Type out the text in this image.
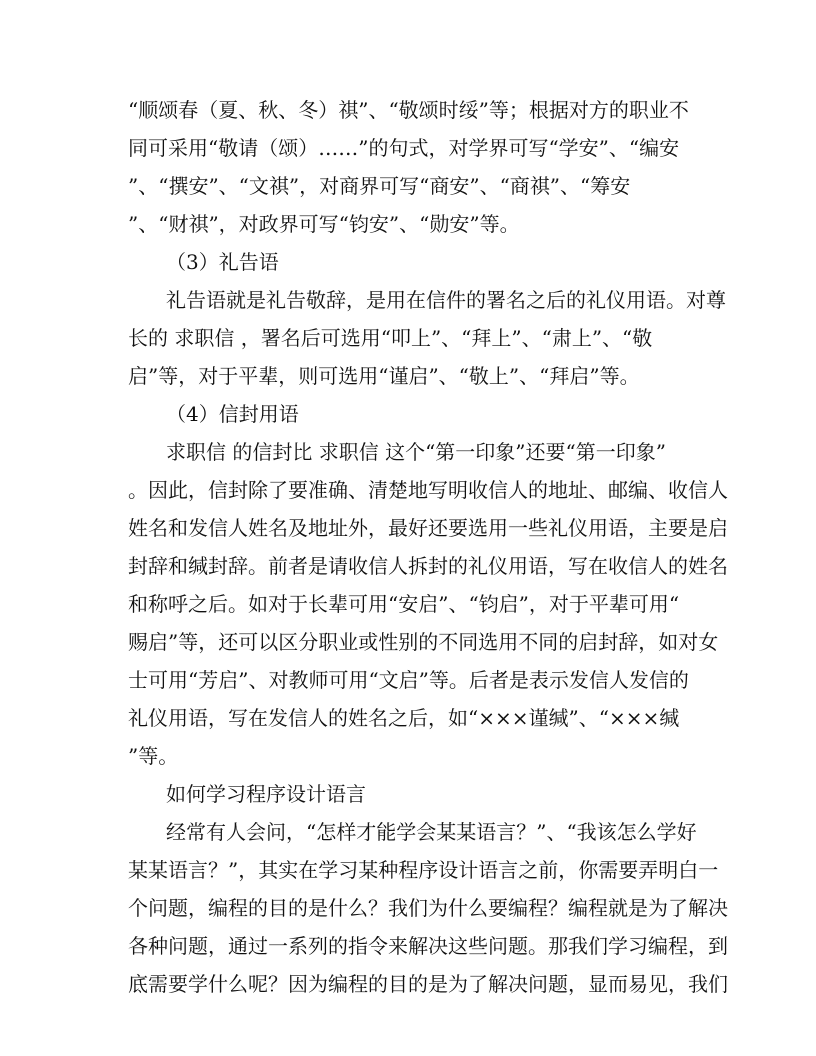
“顺颂春（夏、秋、冬）祺”、“敬颂时绥”等；根据对方的职业不
同可采用“敬请（颂）……”的句式，对学界可写“学安”、“编安
”、“撰安”、“文祺”，对商界可写“商安”、“商祺”、“筹安
”、“财祺”，对政界可写“钧安”、“勋安”等。
（3）礼告语
礼告语就是礼告敬辞，是用在信件的署名之后的礼仪用语。对尊
长的 求职信 ，署名后可选用“叩上”、“拜上”、“肃上”、“敬
启”等，对于平辈，则可选用“谨启”、“敬上”、“拜启”等。
（4）信封用语
求职信 的信封比 求职信 这个“第一印象”还要“第一印象”
。因此，信封除了要准确、清楚地写明收信人的地址、邮编、收信人
姓名和发信人姓名及地址外，最好还要选用一些礼仪用语，主要是启
封辞和缄封辞。前者是请收信人拆封的礼仪用语，写在收信人的姓名
和称呼之后。如对于长辈可用“安启”、“钧启”，对于平辈可用“
赐启”等，还可以区分职业或性别的不同选用不同的启封辞，如对女
士可用“芳启”、对教师可用“文启”等。后者是表示发信人发信的
礼仪用语，写在发信人的姓名之后，如“×××谨缄”、“×××缄
”等。
如何学习程序设计语言
经常有人会问，“怎样才能学会某某语言？”、“我该怎么学好
某某语言？”，其实在学习某种程序设计语言之前，你需要弄明白一
个问题，编程的目的是什么？我们为什么要编程？编程就是为了解决
各种问题，通过一系列的指令来解决这些问题。那我们学习编程，到
底需要学什么呢？因为编程的目的是为了解决问题，显而易见，我们
